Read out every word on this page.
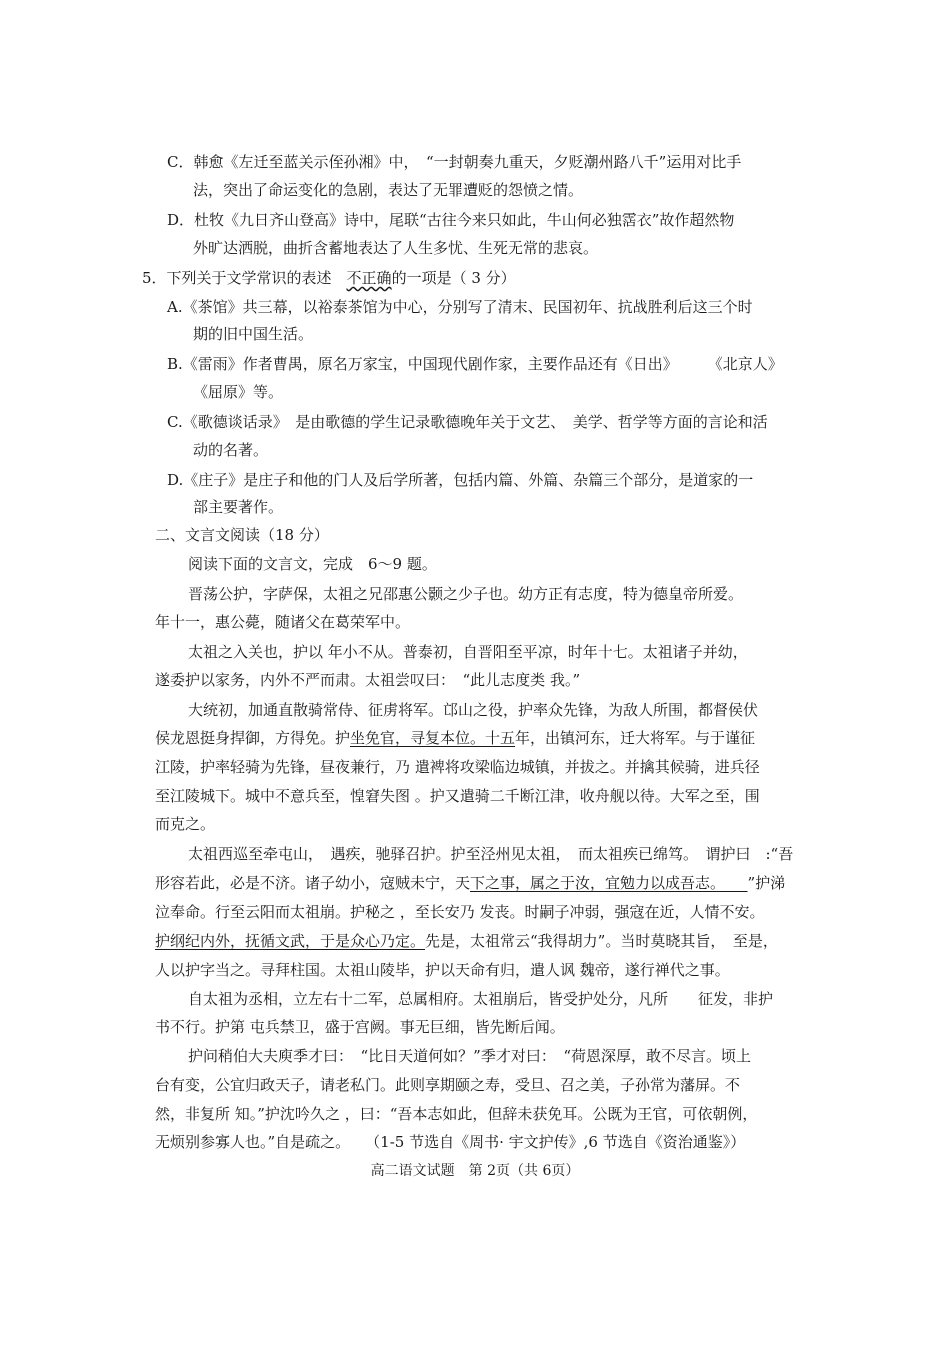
C．韩愈《左迁至蓝关示侄孙湘》中，　“一封朝奏九重天，夕贬潮州路八千”运用对比手
法，突出了命运变化的急剧，表达了无罪遭贬的怨愤之情。
D．杜牧《九日齐山登高》诗中，尾联“古往今来只如此，牛山何必独霑衣”故作超然物
外旷达洒脱，曲折含蓄地表达了人生多忧、生死无常的悲哀。
5．下列关于文学常识的表述　不正确的一项是（ 3 分）
A.《茶馆》共三幕，以裕泰茶馆为中心，分别写了清末、民国初年、抗战胜利后这三个时
期的旧中国生活。
B.《雷雨》作者曹禺，原名万家宝，中国现代剧作家，主要作品还有《日出》　　　《北京人》
《屈原》等。
C.《歌德谈话录》　是由歌德的学生记录歌德晚年关于文艺、　美学、哲学等方面的言论和活
动的名著。
D.《庄子》是庄子和他的门人及后学所著，包括内篇、外篇、杂篇三个部分，是道家的一
部主要著作。
二、文言文阅读（18 分）
阅读下面的文言文，完成　6～9 题。
晋荡公护，字萨保，太祖之兄邵惠公颢之少子也。幼方正有志度，特为德皇帝所爱。
年十一，惠公薨，随诸父在葛荣军中。
太祖之入关也，护以 年小不从。普泰初，自晋阳至平凉，时年十七。太祖诸子并幼，
遂委护以家务，内外不严而肃。太祖尝叹曰：　“此儿志度类 我。”
大统初，加通直散骑常侍、征虏将军。邙山之役，护率众先锋，为敌人所围，都督侯伏
侯龙恩挺身捍御，方得免。护坐免官，寻复本位。十五年，出镇河东，迁大将军。与于谨征
江陵，护率轻骑为先锋，昼夜兼行，乃 遣裨将攻梁临边城镇，并拔之。并擒其候骑，进兵径
至江陵城下。城中不意兵至，惶窘失图 。护又遣骑二千断江津，收舟舰以待。大军之至，围
而克之。
太祖西巡至牵屯山，　遇疾，驰驿召护。护至泾州见太祖，　而太祖疾已绵笃。　谓护曰　:“吾
形容若此，必是不济。诸子幼小，寇贼未宁，天下之事，属之于汝，宜勉力以成吾志。　　”护涕
泣奉命。行至云阳而太祖崩。护秘之 ，至长安乃 发丧。时嗣子冲弱，强寇在近，人情不安。
护纲纪内外，抚循文武，于是众心乃定。先是，太祖常云“我得胡力”。当时莫晓其旨，　至是，
人以护字当之。寻拜柱国。太祖山陵毕，护以天命有归，遣人讽 魏帝，遂行禅代之事。
自太祖为丞相，立左右十二军，总属相府。太祖崩后，皆受护处分，凡所　　征发，非护
书不行。护第 屯兵禁卫，盛于宫阙。事无巨细，皆先断后闻。
护问稍伯大夫庾季才曰：　“比日天道何如？”季才对曰：　“荷恩深厚，敢不尽言。顷上
台有变，公宜归政天子，请老私门。此则享期颐之寿，受旦、召之美，子孙常为藩屏。不
然，非复所 知。”护沈吟久之 ，曰：“吾本志如此，但辞未获免耳。公既为王官，可依朝例，
无烦别参寡人也。”自是疏之。　　（1-5 节选自《周书· 宇文护传》,6 节选自《资治通鉴》）
高二语文试题　第 2页（共 6页）
